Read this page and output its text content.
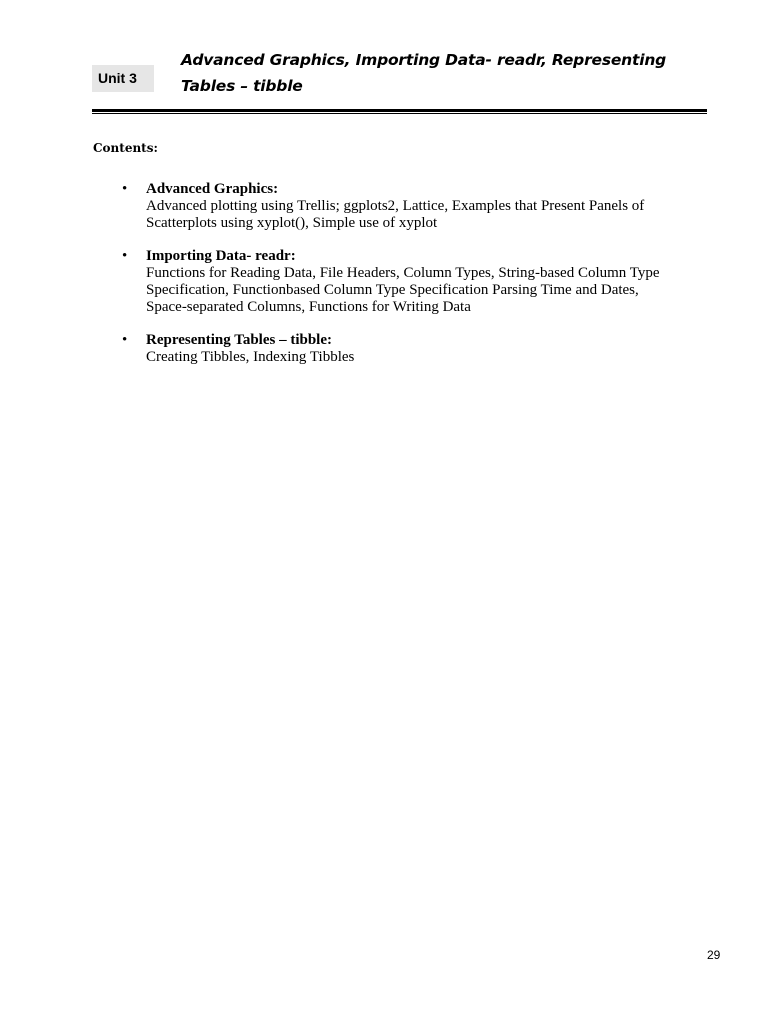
Unit 3
Advanced Graphics, Importing Data- readr, Representing Tables – tibble
Contents:
• Advanced Graphics:
Advanced plotting using Trellis; ggplots2, Lattice, Examples that Present Panels of Scatterplots using xyplot(), Simple use of xyplot
• Importing Data- readr:
Functions for Reading Data, File Headers, Column Types, String-based Column Type Specification, Functionbased Column Type Specification Parsing Time and Dates, Space-separated Columns, Functions for Writing Data
• Representing Tables – tibble:
Creating Tibbles, Indexing Tibbles
29
